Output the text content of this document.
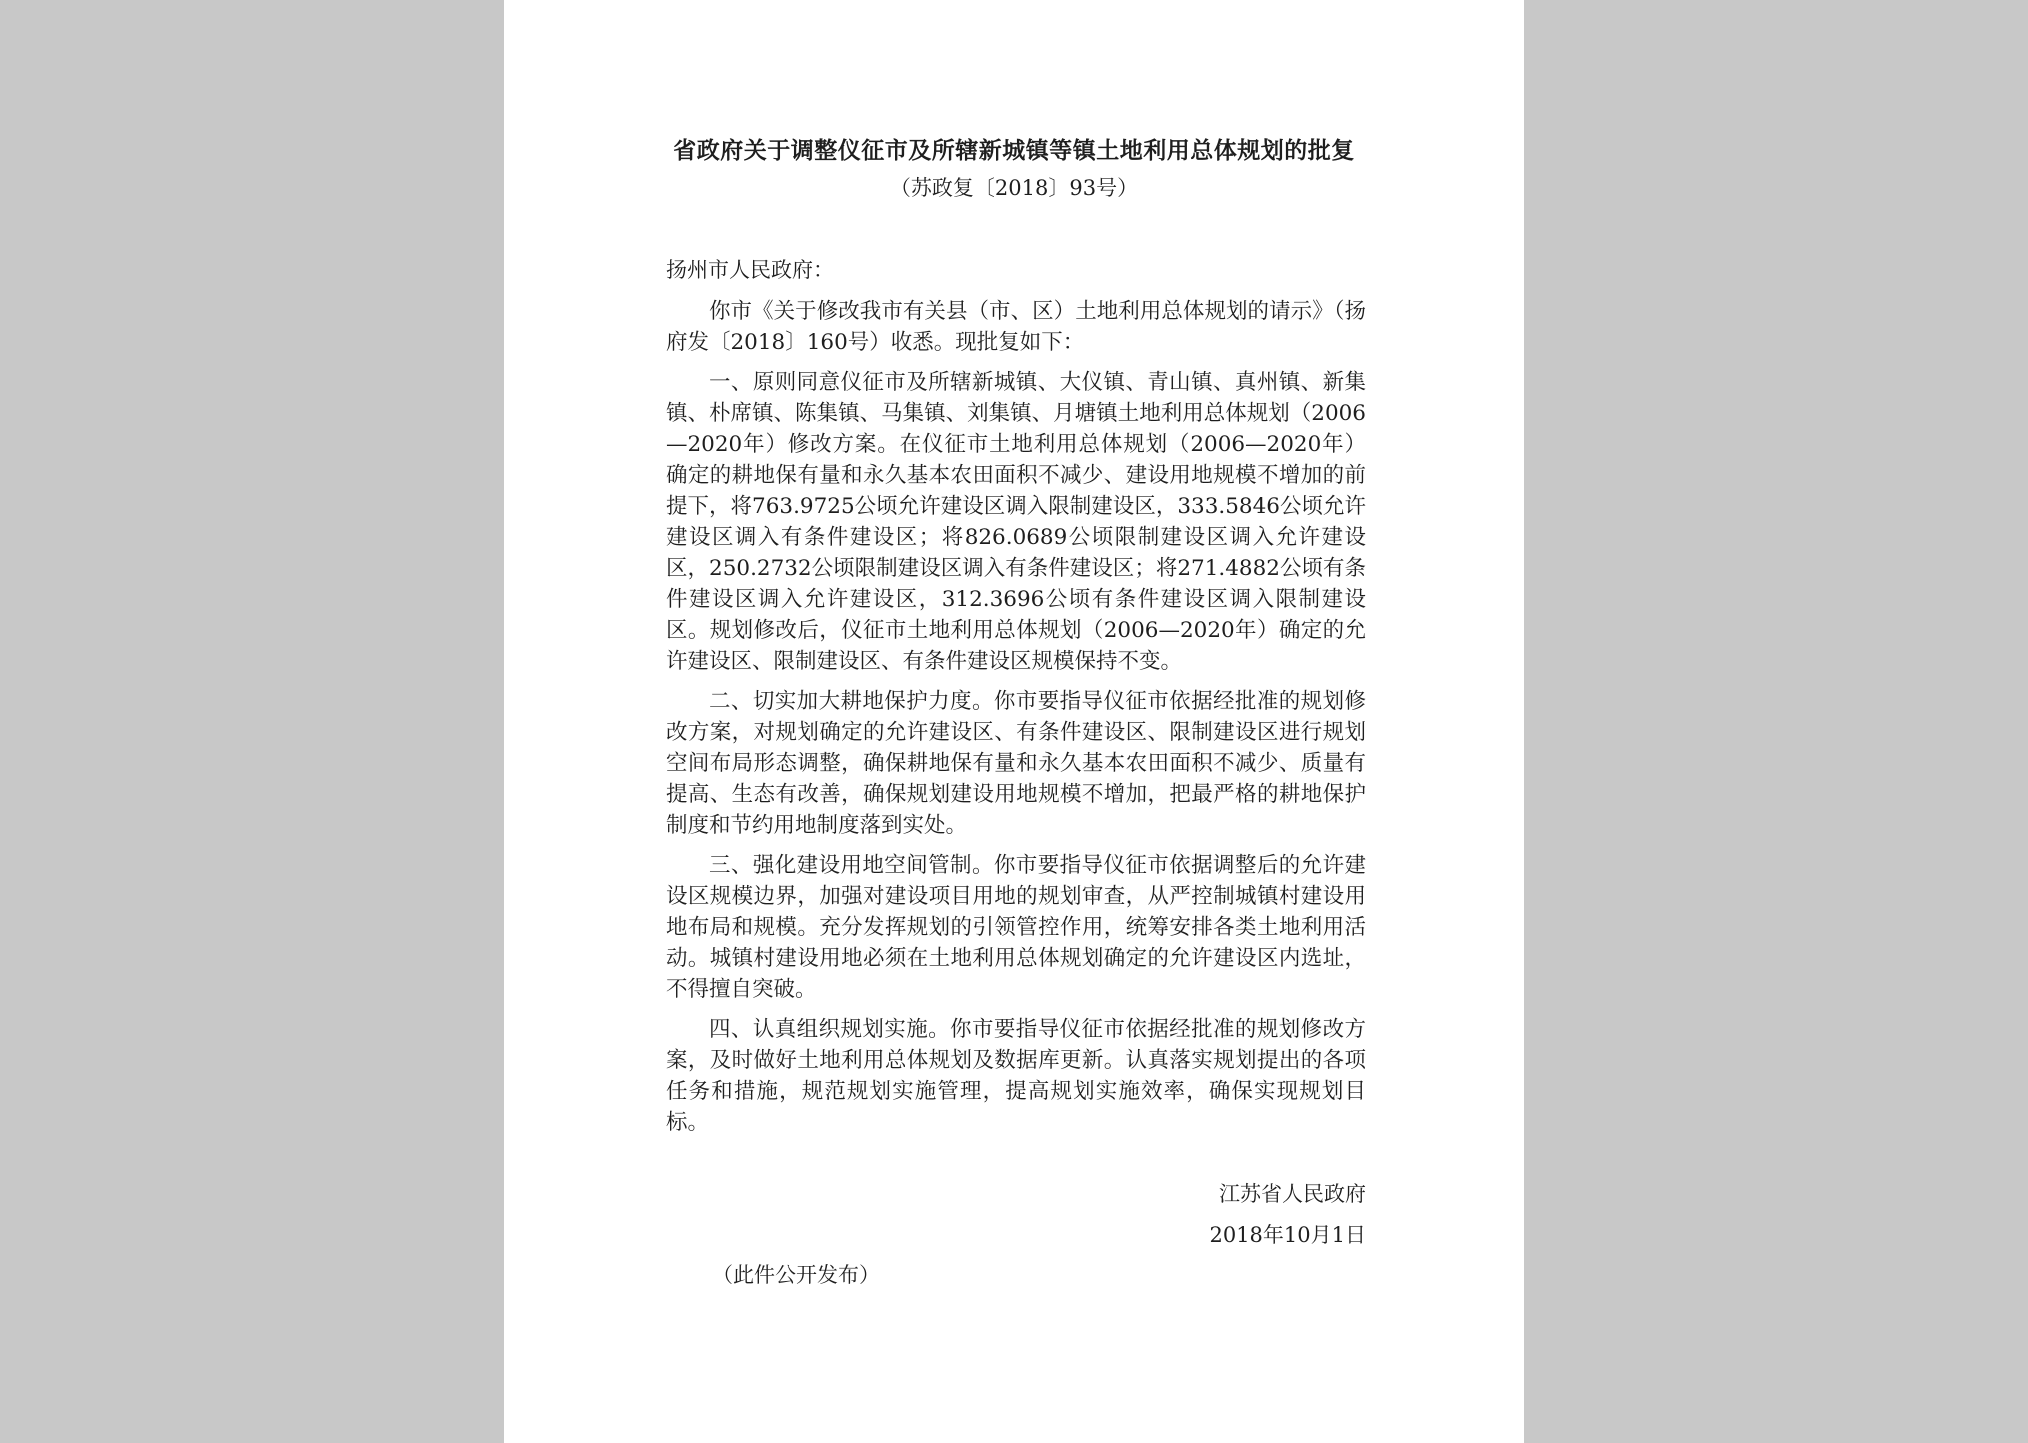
省政府关于调整仪征市及所辖新城镇等镇土地利用总体规划的批复
（苏政复〔2018〕93号）
扬州市人民政府：

你市《关于修改我市有关县（市、区）土地利用总体规划的请示》（扬府发〔2018〕160号）收悉。现批复如下：

一、原则同意仪征市及所辖新城镇、大仪镇、青山镇、真州镇、新集镇、朴席镇、陈集镇、马集镇、刘集镇、月塘镇土地利用总体规划（2006—2020年）修改方案。在仪征市土地利用总体规划（2006—2020年）确定的耕地保有量和永久基本农田面积不减少、建设用地规模不增加的前提下，将763.9725公顷允许建设区调入限制建设区，333.5846公顷允许建设区调入有条件建设区；将826.0689公顷限制建设区调入允许建设区，250.2732公顷限制建设区调入有条件建设区；将271.4882公顷有条件建设区调入允许建设区，312.3696公顷有条件建设区调入限制建设区。规划修改后，仪征市土地利用总体规划（2006—2020年）确定的允许建设区、限制建设区、有条件建设区规模保持不变。

二、切实加大耕地保护力度。你市要指导仪征市依据经批准的规划修改方案，对规划确定的允许建设区、有条件建设区、限制建设区进行规划空间布局形态调整，确保耕地保有量和永久基本农田面积不减少、质量有提高、生态有改善，确保规划建设用地规模不增加，把最严格的耕地保护制度和节约用地制度落到实处。

三、强化建设用地空间管制。你市要指导仪征市依据调整后的允许建设区规模边界，加强对建设项目用地的规划审查，从严控制城镇村建设用地布局和规模。充分发挥规划的引领管控作用，统筹安排各类土地利用活动。城镇村建设用地必须在土地利用总体规划确定的允许建设区内选址，不得擅自突破。

四、认真组织规划实施。你市要指导仪征市依据经批准的规划修改方案，及时做好土地利用总体规划及数据库更新。认真落实规划提出的各项任务和措施，规范规划实施管理，提高规划实施效率，确保实现规划目标。

江苏省人民政府
2018年10月1日
（此件公开发布）
